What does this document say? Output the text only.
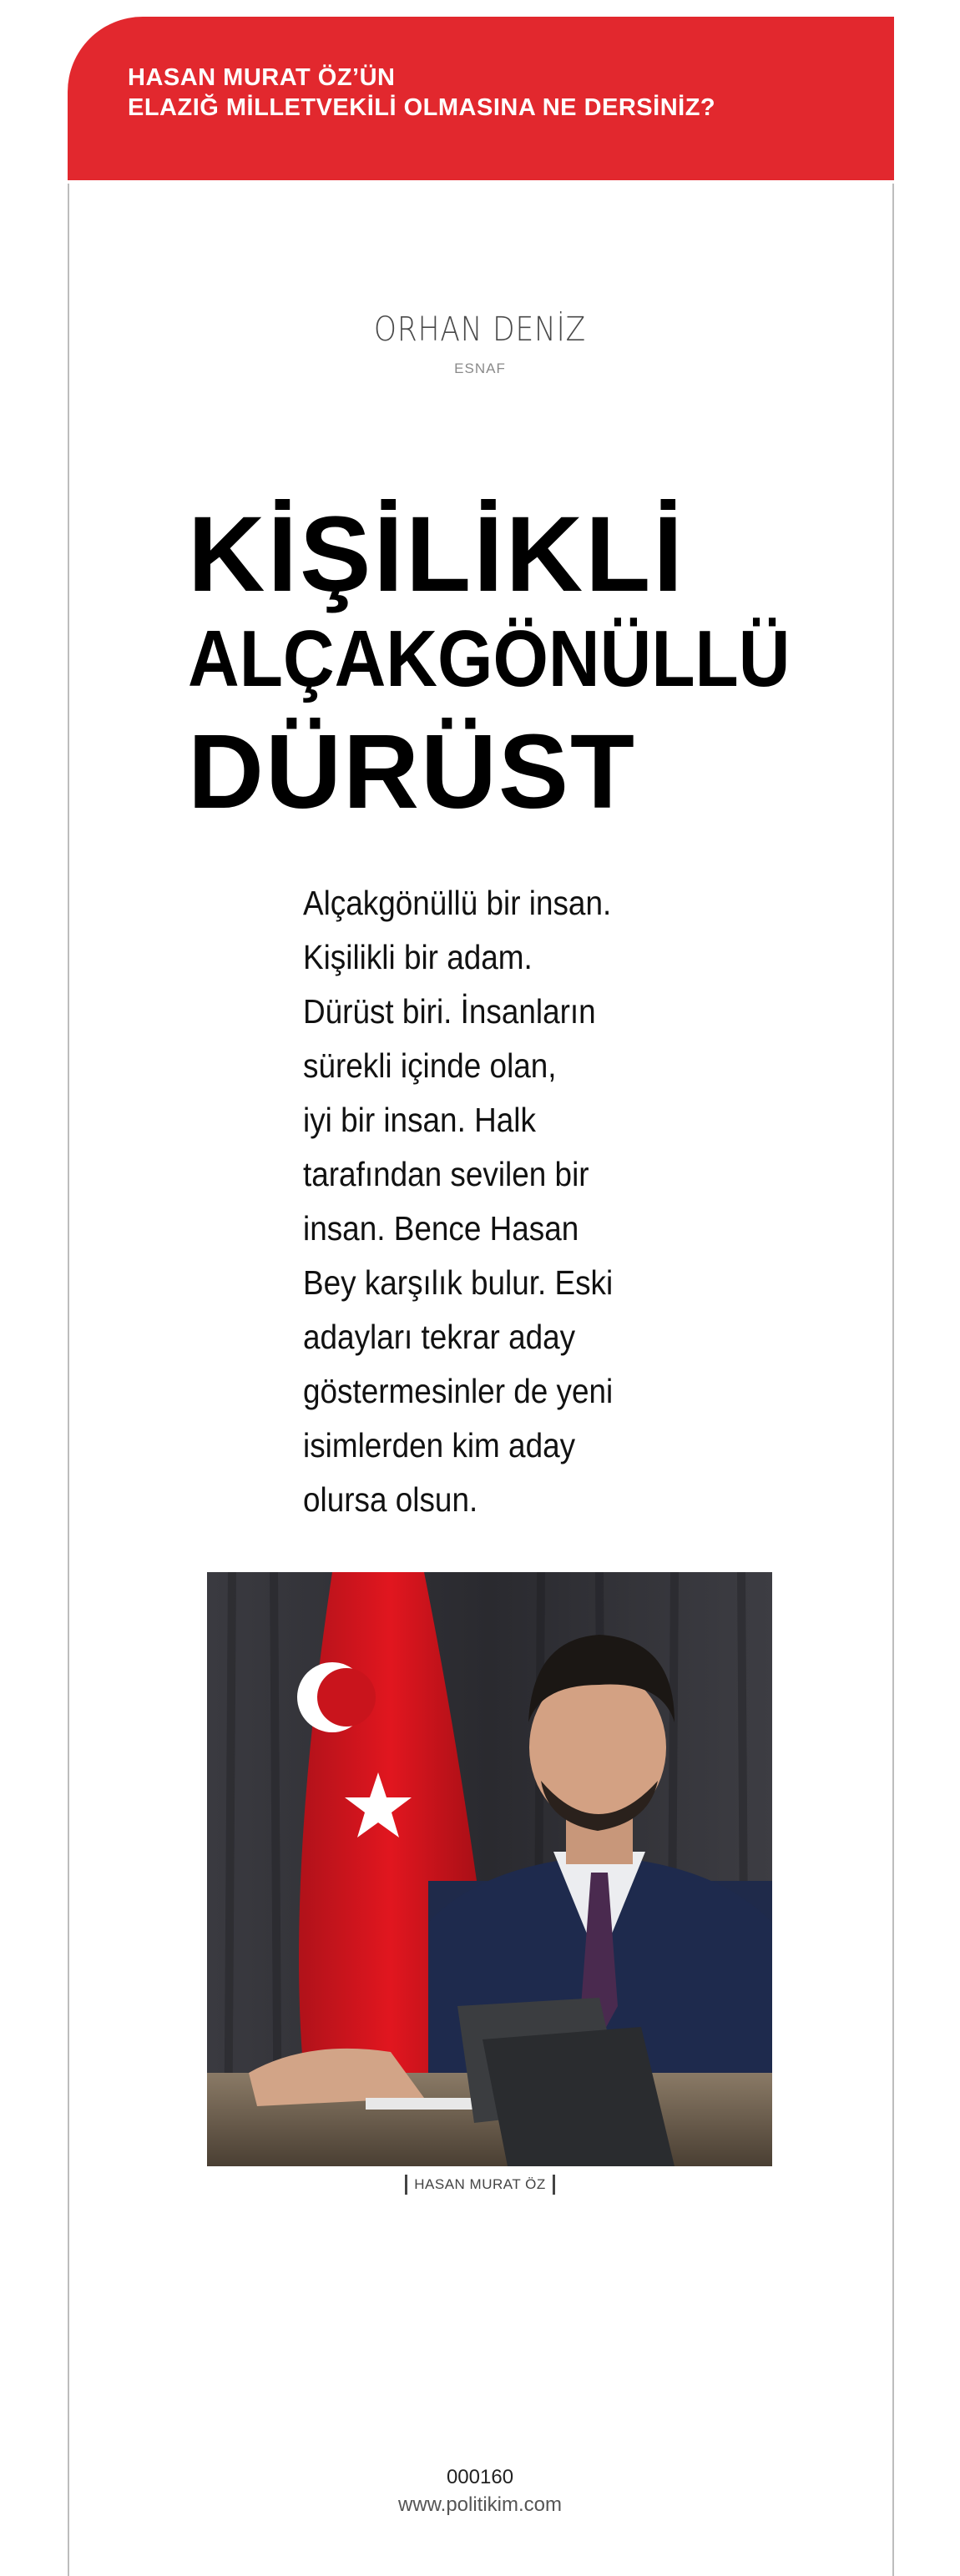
HASAN MURAT ÖZ’ÜN
ELAZIĞ MİLLETVEKİLİ OLMASINA NE DERSİNİZ?
ORHAN DENİZ
ESNAF
KİŞİLİKLİ
ALÇAKGÖNÜLLÜ
DÜRÜST
Alçakgönüllü bir insan.
Kişilikli bir adam.
Dürüst biri. İnsanların
sürekli içinde olan,
iyi bir insan. Halk
tarafından sevilen bir
insan. Bence Hasan
Bey karşılık bulur. Eski
adayları tekrar aday
göstermesinler de yeni
isimlerden kim aday
olursa olsun.
HASAN MURAT ÖZ
000160
www.politikim.com
